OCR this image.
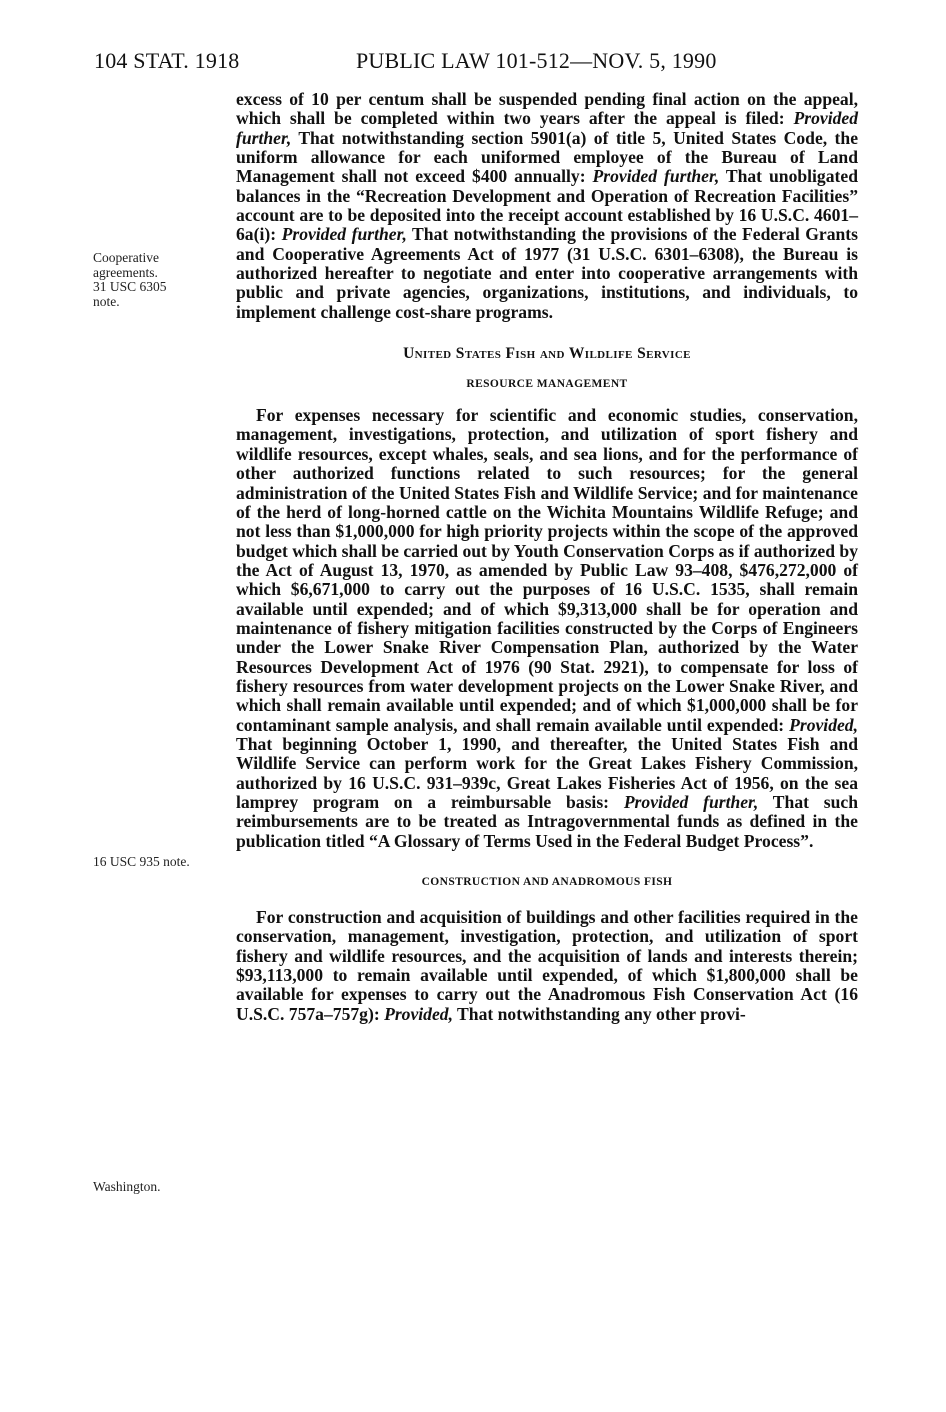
104 STAT. 1918	PUBLIC LAW 101-512—NOV. 5, 1990
Cooperative
agreements.
31 USC 6305
note.
16 USC 935 note.
Washington.

excess of 10 per centum shall be suspended pending final action on the appeal, which shall be completed within two years after the appeal is filed: Provided further, That notwithstanding section 5901(a) of title 5, United States Code, the uniform allowance for each uniformed employee of the Bureau of Land Management shall not exceed $400 annually: Provided further, That unobligated balances in the “Recreation Development and Operation of Recreation Facilities” account are to be deposited into the receipt account established by 16 U.S.C. 4601–6a(i): Provided further, That notwithstanding the provisions of the Federal Grants and Cooperative Agreements Act of 1977 (31 U.S.C. 6301–6308), the Bureau is authorized hereafter to negotiate and enter into cooperative arrangements with public and private agencies, organizations, institutions, and individuals, to implement challenge cost-share programs.

United States Fish and Wildlife Service
RESOURCE MANAGEMENT

For expenses necessary for scientific and economic studies, conservation, management, investigations, protection, and utilization of sport fishery and wildlife resources, except whales, seals, and sea lions, and for the performance of other authorized functions related to such resources; for the general administration of the United States Fish and Wildlife Service; and for maintenance of the herd of long-horned cattle on the Wichita Mountains Wildlife Refuge; and not less than $1,000,000 for high priority projects within the scope of the approved budget which shall be carried out by Youth Conservation Corps as if authorized by the Act of August 13, 1970, as amended by Public Law 93–408, $476,272,000 of which $6,671,000 to carry out the purposes of 16 U.S.C. 1535, shall remain available until expended; and of which $9,313,000 shall be for operation and maintenance of fishery mitigation facilities constructed by the Corps of Engineers under the Lower Snake River Compensation Plan, authorized by the Water Resources Development Act of 1976 (90 Stat. 2921), to compensate for loss of fishery resources from water development projects on the Lower Snake River, and which shall remain available until expended; and of which $1,000,000 shall be for contaminant sample analysis, and shall remain available until expended: Provided, That beginning October 1, 1990, and thereafter, the United States Fish and Wildlife Service can perform work for the Great Lakes Fishery Commission, authorized by 16 U.S.C. 931–939c, Great Lakes Fisheries Act of 1956, on the sea lamprey program on a reimbursable basis: Provided further, That such reimbursements are to be treated as Intragovernmental funds as defined in the publication titled “A Glossary of Terms Used in the Federal Budget Process”.

CONSTRUCTION AND ANADROMOUS FISH

For construction and acquisition of buildings and other facilities required in the conservation, management, investigation, protection, and utilization of sport fishery and wildlife resources, and the acquisition of lands and interests therein; $93,113,000 to remain available until expended, of which $1,800,000 shall be available for expenses to carry out the Anadromous Fish Conservation Act (16 U.S.C. 757a–757g): Provided, That notwithstanding any other provi-
